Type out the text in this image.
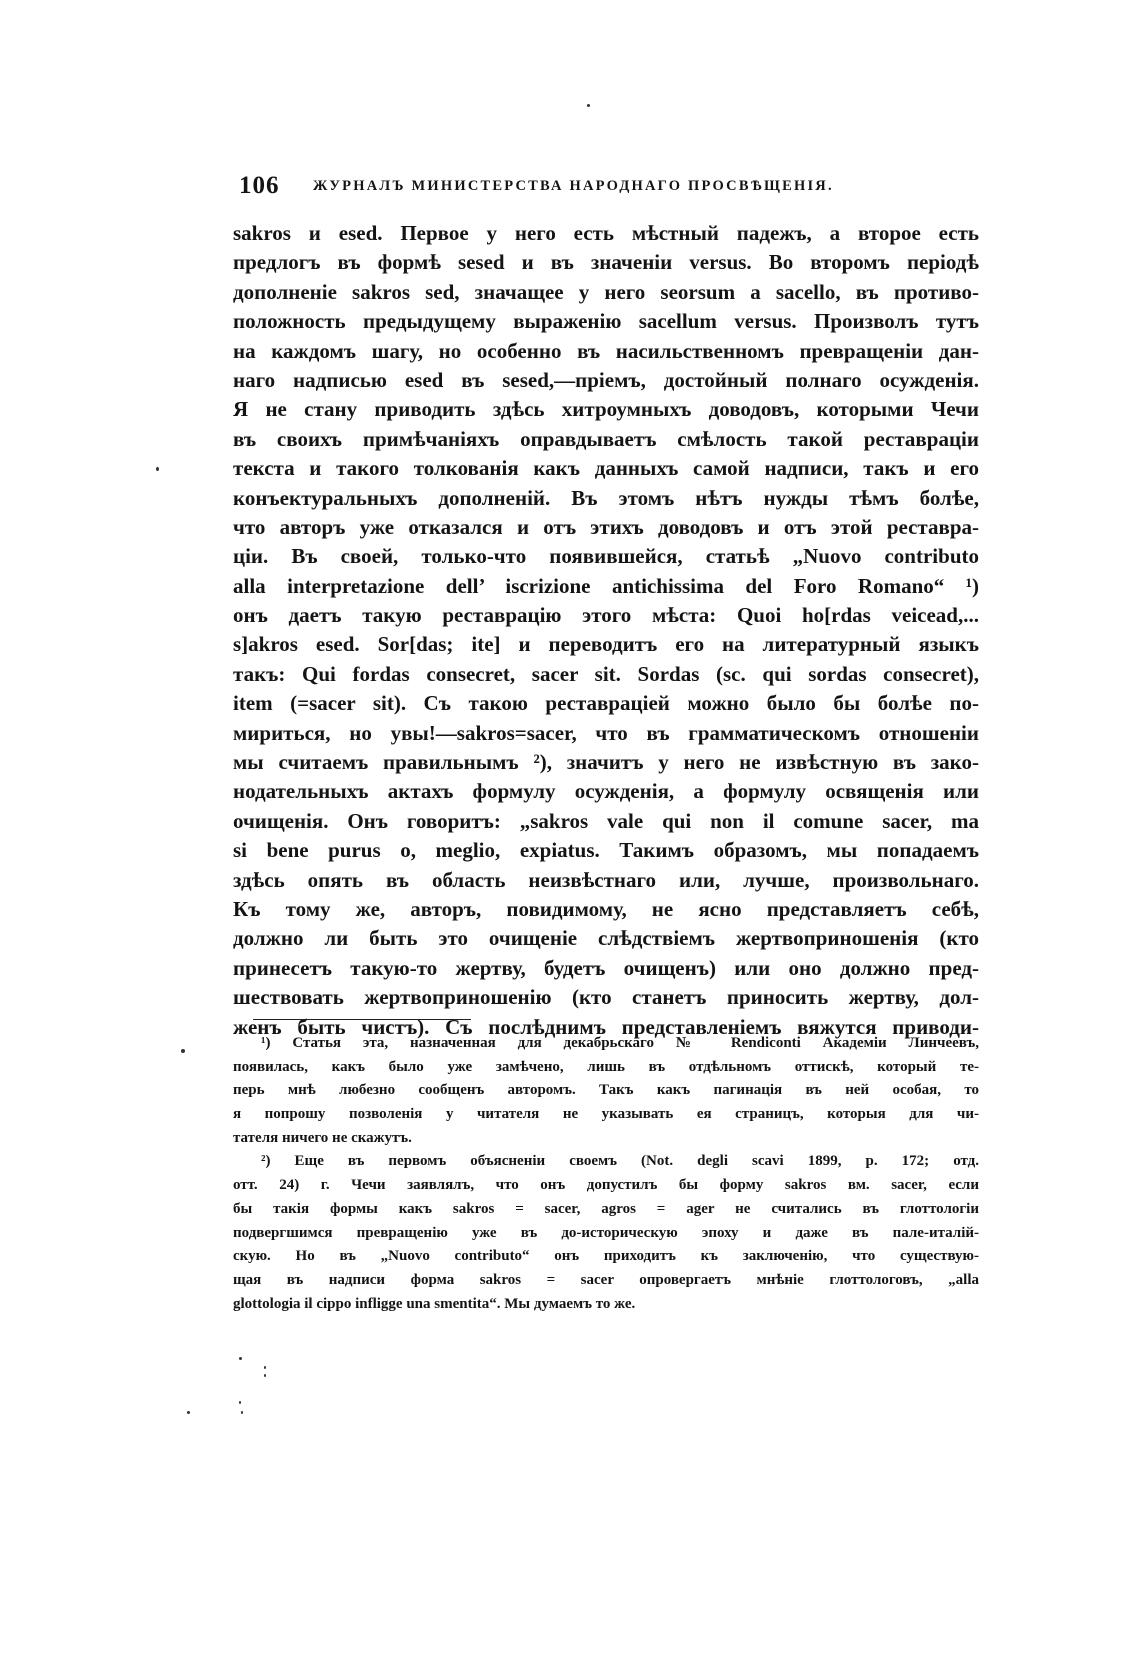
106 ЖУРНАЛЪ МИНИСТЕРСТВА НАРОДНАГО ПРОСВѢЩЕНІЯ.
sakros и esed. Первое у него есть мѣстный падежъ, а второе есть
предлогъ въ формѣ sesed и въ значеніи versus. Во второмъ періодѣ
дополненіе sakros sed, значащее у него seorsum a sacello, въ противо-
положность предыдущему выраженію sacellum versus. Произволъ тутъ
на каждомъ шагу, но особенно въ насильственномъ превращеніи дан-
наго надписью esed въ sesed,—пріемъ, достойный полнаго осужденія.
Я не стану приводить здѣсь хитроумныхъ доводовъ, которыми Чечи
въ своихъ примѣчаніяхъ оправдываетъ смѣлость такой реставраціи
текста и такого толкованія какъ данныхъ самой надписи, такъ и его
конъектуральныхъ дополненій. Въ этомъ нѣтъ нужды тѣмъ болѣе,
что авторъ уже отказался и отъ этихъ доводовъ и отъ этой реставра-
ціи. Въ своей, только-что появившейся, статьѣ „Nuovo contributo
alla interpretazione dell’ iscrizione antichissima del Foro Romano“ ¹)
онъ даетъ такую реставрацію этого мѣста: Quoi ho[rdas veicead,...
s]akros esed. Sor[das; ite] и переводитъ его на литературный языкъ
такъ: Qui fordas consecret, sacer sit. Sordas (sc. qui sordas consecret),
item (=sacer sit). Съ такою реставраціей можно было бы болѣе по-
мириться, но увы!—sakros=sacer, что въ грамматическомъ отношеніи
мы считаемъ правильнымъ ²), значитъ у него не извѣстную въ зако-
нодательныхъ актахъ формулу осужденія, а формулу освященія или
очищенія. Онъ говоритъ: „sakros vale qui non il comune sacer, ma
si bene purus o, meglio, expiatus. Такимъ образомъ, мы попадаемъ
здѣсь опять въ область неизвѣстнаго или, лучше, произвольнаго.
Къ тому же, авторъ, повидимому, не ясно представляетъ себѣ,
должно ли быть это очищеніе слѣдствіемъ жертвоприношенія (кто
принесетъ такую-то жертву, будетъ очищенъ) или оно должно пред-
шествовать жертвоприношенію (кто станетъ приносить жертву, дол-
женъ быть чистъ). Съ послѣднимъ представленіемъ вяжутся приводи-
¹) Статья эта, назначенная для декабрьскаго № Rendiconti Академіи Линчеевъ,
появилась, какъ было уже замѣчено, лишь въ отдѣльномъ оттискѣ, который те-
перь мнѣ любезно сообщенъ авторомъ. Такъ какъ пагинація въ ней особая, то
я попрошу позволенія у читателя не указывать ея страницъ, которыя для чи-
тателя ничего не скажутъ.
²) Еще въ первомъ объясненіи своемъ (Not. degli scavi 1899, p. 172; отд.
отт. 24) г. Чечи заявлялъ, что онъ допустилъ бы форму sakros вм. sacer, если
бы такія формы какъ sakros = sacer, agros = ager не считались въ глоттологіи
подвергшимся превращенію уже въ до-историческую эпоху и даже въ пале-италій-
скую. Но въ „Nuovo contributo“ онъ приходитъ къ заключенію, что существую-
щая въ надписи форма sakros = sacer опровергаетъ мнѣніе глоттологовъ, „alla
glottologia il cippo infligge una smentita“. Мы думаемъ то же.
